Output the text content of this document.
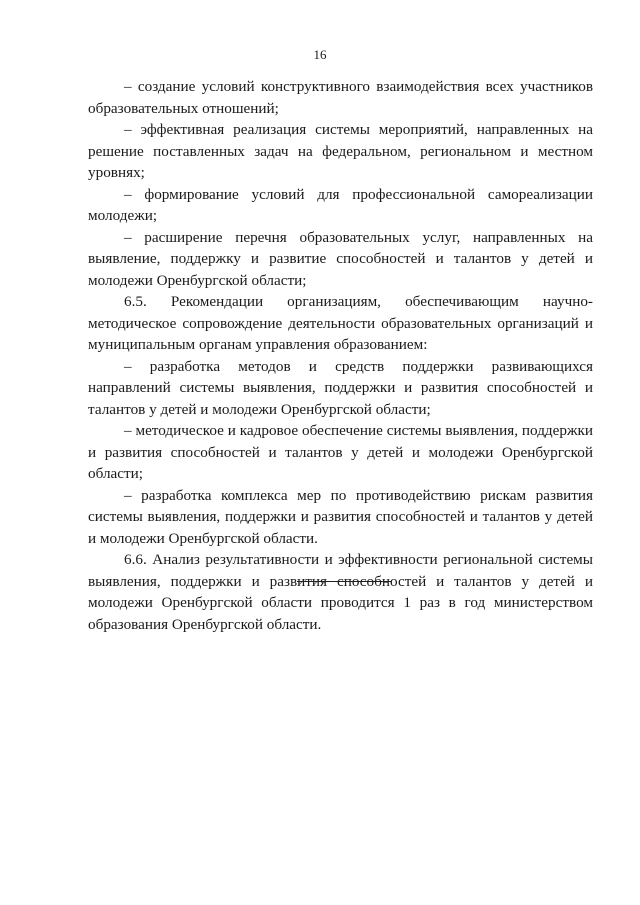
16

– создание условий конструктивного взаимодействия всех участников образовательных отношений;

– эффективная реализация системы мероприятий, направленных на решение поставленных задач на федеральном, региональном и местном уровнях;

– формирование условий для профессиональной самореализации молодежи;

– расширение перечня образовательных услуг, направленных на выявление, поддержку и развитие способностей и талантов у детей и молодежи Оренбургской области;

6.5. Рекомендации организациям, обеспечивающим научно-методическое сопровождение деятельности образовательных организаций и муниципальным органам управления образованием:

– разработка методов и средств поддержки развивающихся направлений системы выявления, поддержки и развития способностей и талантов у детей и молодежи Оренбургской области;

– методическое и кадровое обеспечение системы выявления, поддержки и развития способностей и талантов у детей и молодежи Оренбургской области;

– разработка комплекса мер по противодействию рискам развития системы выявления, поддержки и развития способностей и талантов у детей и молодежи Оренбургской области.

6.6. Анализ результативности и эффективности региональной системы выявления, поддержки и развития способностей и талантов у детей и молодежи Оренбургской области проводится 1 раз в год министерством образования Оренбургской области.
